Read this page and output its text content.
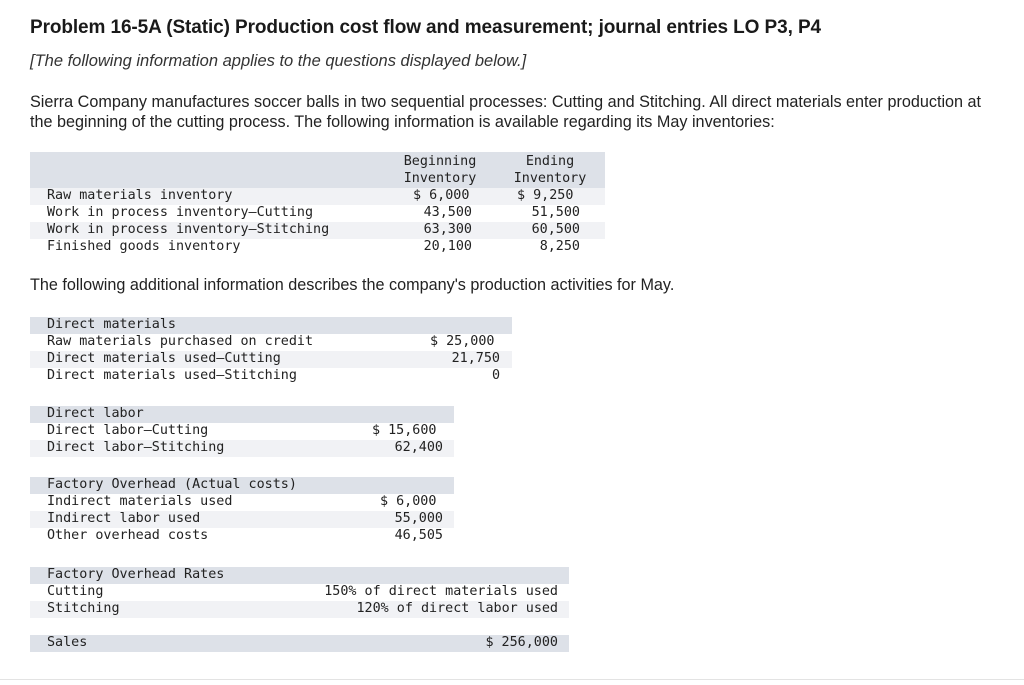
Problem 16-5A (Static) Production cost flow and measurement; journal entries LO P3, P4
[The following information applies to the questions displayed below.]
Sierra Company manufactures soccer balls in two sequential processes: Cutting and Stitching. All direct materials enter production at the beginning of the cutting process. The following information is available regarding its May inventories:
Beginning
Inventory
Ending
Inventory
Raw materials inventory	$ 6,000	$ 9,250
Work in process inventory—Cutting	43,500	51,500
Work in process inventory—Stitching	63,300	60,500
Finished goods inventory	20,100	8,250
The following additional information describes the company's production activities for May.
Direct materials
Raw materials purchased on credit	$ 25,000
Direct materials used—Cutting	21,750
Direct materials used—Stitching	0
Direct labor
Direct labor—Cutting	$ 15,600
Direct labor—Stitching	62,400
Factory Overhead (Actual costs)
Indirect materials used	$ 6,000
Indirect labor used	55,000
Other overhead costs	46,505
Factory Overhead Rates
Cutting	150% of direct materials used
Stitching	120% of direct labor used
Sales	$ 256,000
